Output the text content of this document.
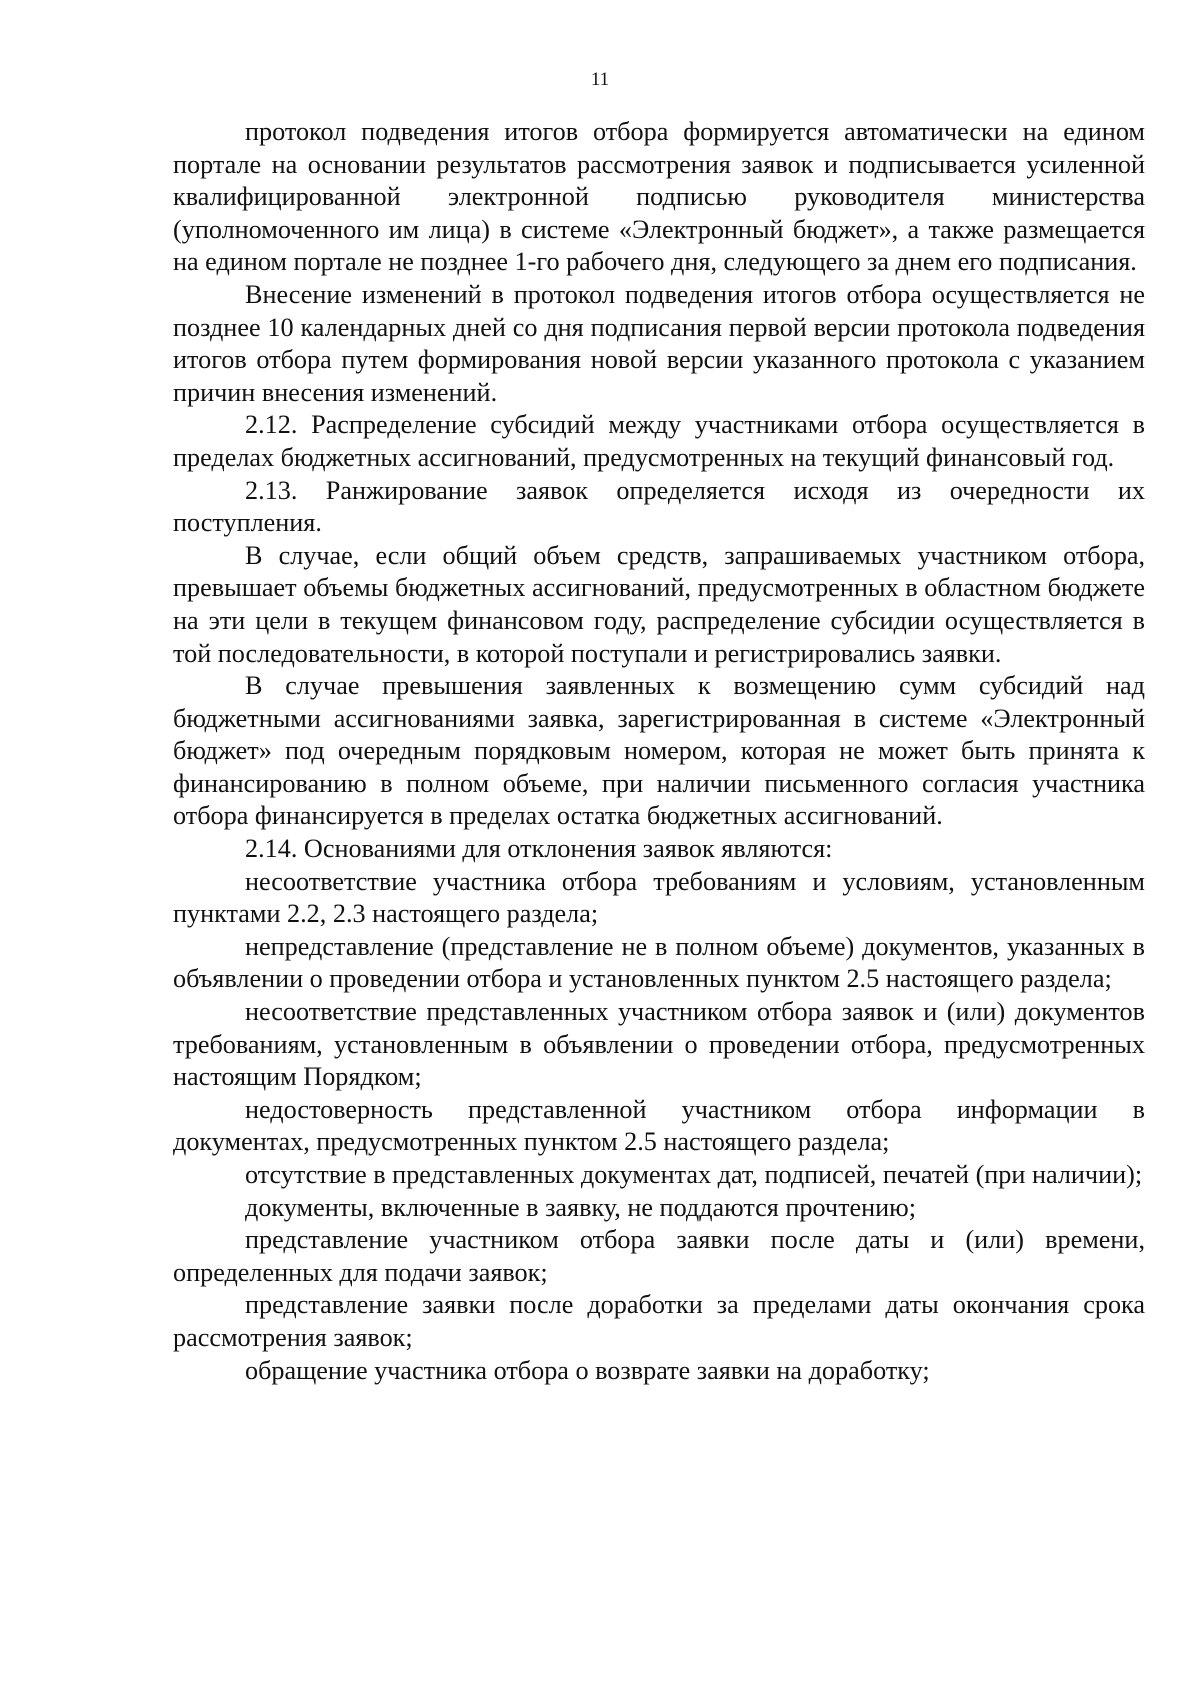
11

протокол подведения итогов отбора формируется автоматически на едином портале на основании результатов рассмотрения заявок и подписывается усиленной квалифицированной электронной подписью руководителя министерства (уполномоченного им лица) в системе «Электронный бюджет», а также размещается на едином портале не позднее 1-го рабочего дня, следующего за днем его подписания.

Внесение изменений в протокол подведения итогов отбора осуществляется не позднее 10 календарных дней со дня подписания первой версии протокола подведения итогов отбора путем формирования новой версии указанного протокола с указанием причин внесения изменений.

2.12. Распределение субсидий между участниками отбора осуществляется в пределах бюджетных ассигнований, предусмотренных на текущий финансовый год.

2.13. Ранжирование заявок определяется исходя из очередности их поступления.

В случае, если общий объем средств, запрашиваемых участником отбора, превышает объемы бюджетных ассигнований, предусмотренных в областном бюджете на эти цели в текущем финансовом году, распределение субсидии осуществляется в той последовательности, в которой поступали и регистрировались заявки.

В случае превышения заявленных к возмещению сумм субсидий над бюджетными ассигнованиями заявка, зарегистрированная в системе «Электронный бюджет» под очередным порядковым номером, которая не может быть принята к финансированию в полном объеме, при наличии письменного согласия участника отбора финансируется в пределах остатка бюджетных ассигнований.

2.14. Основаниями для отклонения заявок являются:

несоответствие участника отбора требованиям и условиям, установленным пунктами 2.2, 2.3 настоящего раздела;

непредставление (представление не в полном объеме) документов, указанных в объявлении о проведении отбора и установленных пунктом 2.5 настоящего раздела;

несоответствие представленных участником отбора заявок и (или) документов требованиям, установленным в объявлении о проведении отбора, предусмотренных настоящим Порядком;

недостоверность представленной участником отбора информации в документах, предусмотренных пунктом 2.5 настоящего раздела;

отсутствие в представленных документах дат, подписей, печатей (при наличии);

документы, включенные в заявку, не поддаются прочтению;

представление участником отбора заявки после даты и (или) времени, определенных для подачи заявок;

представление заявки после доработки за пределами даты окончания срока рассмотрения заявок;

обращение участника отбора о возврате заявки на доработку;
